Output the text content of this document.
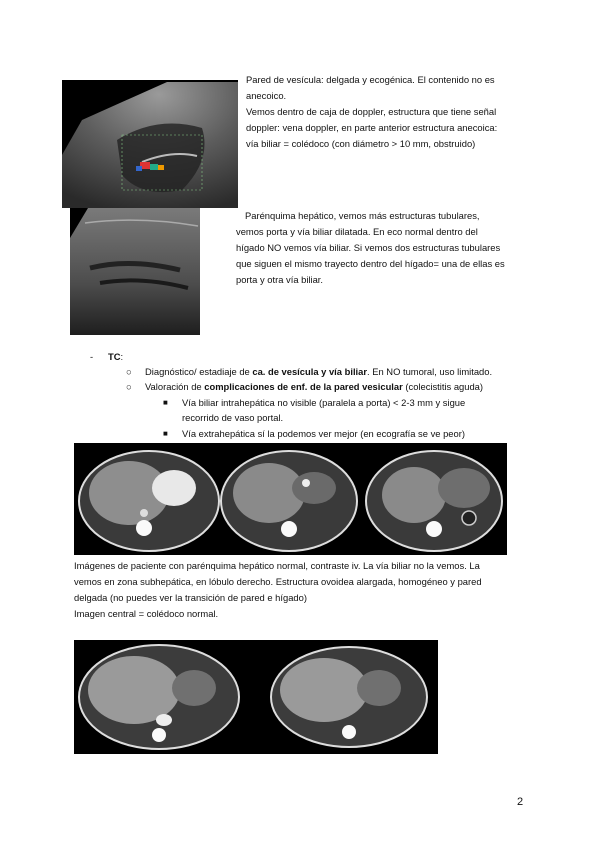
Pared de vesícula: delgada y ecogénica. El contenido no es

anecoico.

Vemos dentro de caja de doppler, estructura que tiene señal

doppler: vena doppler, en parte anterior estructura anecoica:

vía biliar = colédoco (con diámetro > 10 mm, obstruido)

Parénquima hepático, vemos más estructuras tubulares,

vemos porta y vía biliar dilatada. En eco normal dentro del

hígado NO vemos vía biliar. Si vemos dos estructuras tubulares

que siguen el mismo trayecto dentro del hígado= una de ellas es

porta y otra vía biliar.

- TC:
○ Diagnóstico/ estadiaje de ca. de vesícula y vía biliar. En NO tumoral, uso limitado.
○ Valoración de complicaciones de enf. de la pared vesicular (colecistitis aguda)
■ Vía biliar intrahepática no visible (paralela a porta) < 2-3 mm y sigue
recorrido de vaso portal.
■ Vía extrahepática sí la podemos ver mejor (en ecografía se ve peor)

Imágenes de paciente con parénquima hepático normal, contraste iv. La vía biliar no la vemos. La

vemos en zona subhepática, en lóbulo derecho. Estructura ovoidea alargada, homogéneo y pared

delgada (no puedes ver la transición de pared e hígado)

Imagen central = colédoco normal.

2
